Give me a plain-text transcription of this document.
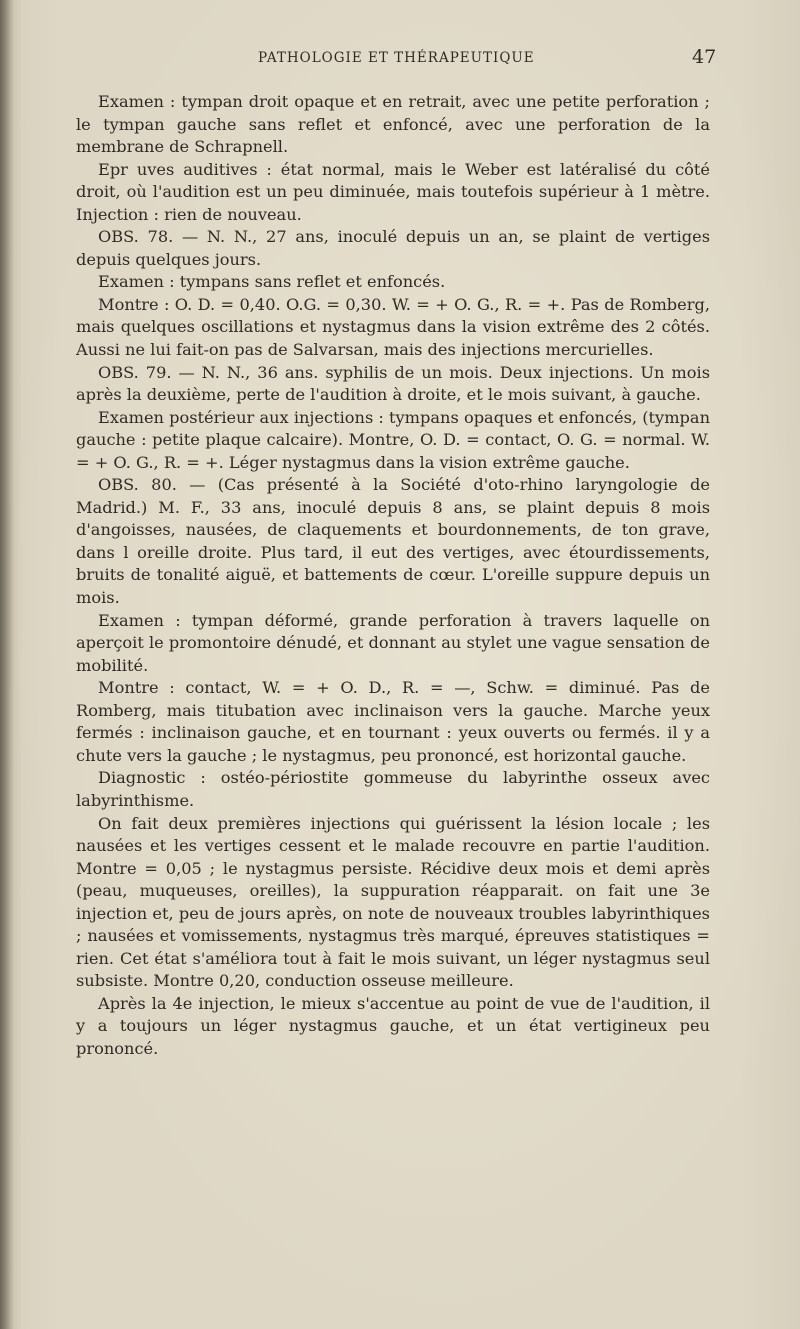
PATHOLOGIE ET THÉRAPEUTIQUE	47

Examen : tympan droit opaque et en retrait, avec une petite perforation ; le tympan gauche sans reflet et enfoncé, avec une perforation de la membrane de Schrapnell.

Epr uves auditives : état normal, mais le Weber est latéralisé du côté droit, où l'audition est un peu diminuée, mais toutefois supérieur à 1 mètre. Injection : rien de nouveau.

OBS. 78. — N. N., 27 ans, inoculé depuis un an, se plaint de vertiges depuis quelques jours.

Examen : tympans sans reflet et enfoncés.

Montre : O. D. = 0,40. O.G. = 0,30. W. = + O. G., R. = +. Pas de Romberg, mais quelques oscillations et nystagmus dans la vision extrême des 2 côtés. Aussi ne lui fait-on pas de Salvarsan, mais des injections mercurielles.

OBS. 79. — N. N., 36 ans. syphilis de un mois. Deux injections. Un mois après la deuxième, perte de l'audition à droite, et le mois suivant, à gauche.

Examen postérieur aux injections : tympans opaques et enfoncés, (tympan gauche : petite plaque calcaire). Montre, O. D. = contact, O. G. = normal. W. = + O. G., R. = +. Léger nystagmus dans la vision extrême gauche.

OBS. 80. — (Cas présenté à la Société d'oto-rhino laryngologie de Madrid.) M. F., 33 ans, inoculé depuis 8 ans, se plaint depuis 8 mois d'angoisses, nausées, de claquements et bourdonnements, de ton grave, dans l oreille droite. Plus tard, il eut des vertiges, avec étourdissements, bruits de tonalité aiguë, et battements de cœur. L'oreille suppure depuis un mois.

Examen : tympan déformé, grande perforation à travers laquelle on aperçoit le promontoire dénudé, et donnant au stylet une vague sensation de mobilité.

Montre : contact, W. = + O. D., R. = —, Schw. = diminué. Pas de Romberg, mais titubation avec inclinaison vers la gauche. Marche yeux fermés : inclinaison gauche, et en tournant : yeux ouverts ou fermés. il y a chute vers la gauche ; le nystagmus, peu prononcé, est horizontal gauche.

Diagnostic : ostéo-périostite gommeuse du labyrinthe osseux avec labyrinthisme.

On fait deux premières injections qui guérissent la lésion locale ; les nausées et les vertiges cessent et le malade recouvre en partie l'audition. Montre = 0,05 ; le nystagmus persiste. Récidive deux mois et demi après (peau, muqueuses, oreilles), la suppuration réapparait. on fait une 3e injection et, peu de jours après, on note de nouveaux troubles labyrinthiques ; nausées et vomissements, nystagmus très marqué, épreuves statistiques = rien. Cet état s'améliora tout à fait le mois suivant, un léger nystagmus seul subsiste. Montre 0,20, conduction osseuse meilleure.

Après la 4e injection, le mieux s'accentue au point de vue de l'audition, il y a toujours un léger nystagmus gauche, et un état vertigineux peu prononcé.
